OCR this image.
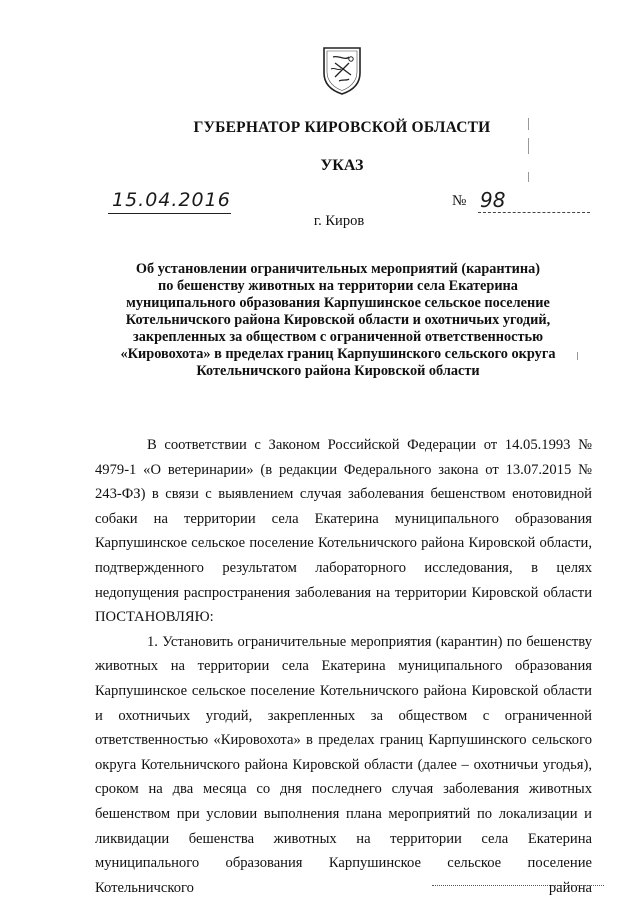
ГУБЕРНАТОР КИРОВСКОЙ ОБЛАСТИ
УКАЗ
15.04.2016	№ 98
г. Киров
Об установлении ограничительных мероприятий (карантина)
по бешенству животных на территории села Екатерина
муниципального образования Карпушинское сельское поселение
Котельничского района Кировской области и охотничьих угодий,
закрепленных за обществом с ограниченной ответственностью
«Кировохота» в пределах границ Карпушинского сельского округа
Котельничского района Кировской области

В соответствии с Законом Российской Федерации от 14.05.1993 № 4979-1 «О ветеринарии» (в редакции Федерального закона от 13.07.2015 № 243-ФЗ) в связи с выявлением случая заболевания бешенством енотовидной собаки на территории села Екатерина муниципального образования Карпушинское сельское поселение Котельничского района Кировской области, подтвержденного результатом лабораторного исследования, в целях недопущения распространения заболевания на территории Кировской области ПОСТАНОВЛЯЮ:

1. Установить ограничительные мероприятия (карантин) по бешенству животных на территории села Екатерина муниципального образования Карпушинское сельское поселение Котельничского района Кировской области и охотничьих угодий, закрепленных за обществом с ограниченной ответственностью «Кировохота» в пределах границ Карпушинского сельского округа Котельничского района Кировской области (далее – охотничьи угодья), сроком на два месяца со дня последнего случая заболевания животных бешенством при условии выполнения плана мероприятий по локализации и ликвидации бешенства животных на территории села Екатерина муниципального образования Карпушинское сельское поселение Котельничского района
